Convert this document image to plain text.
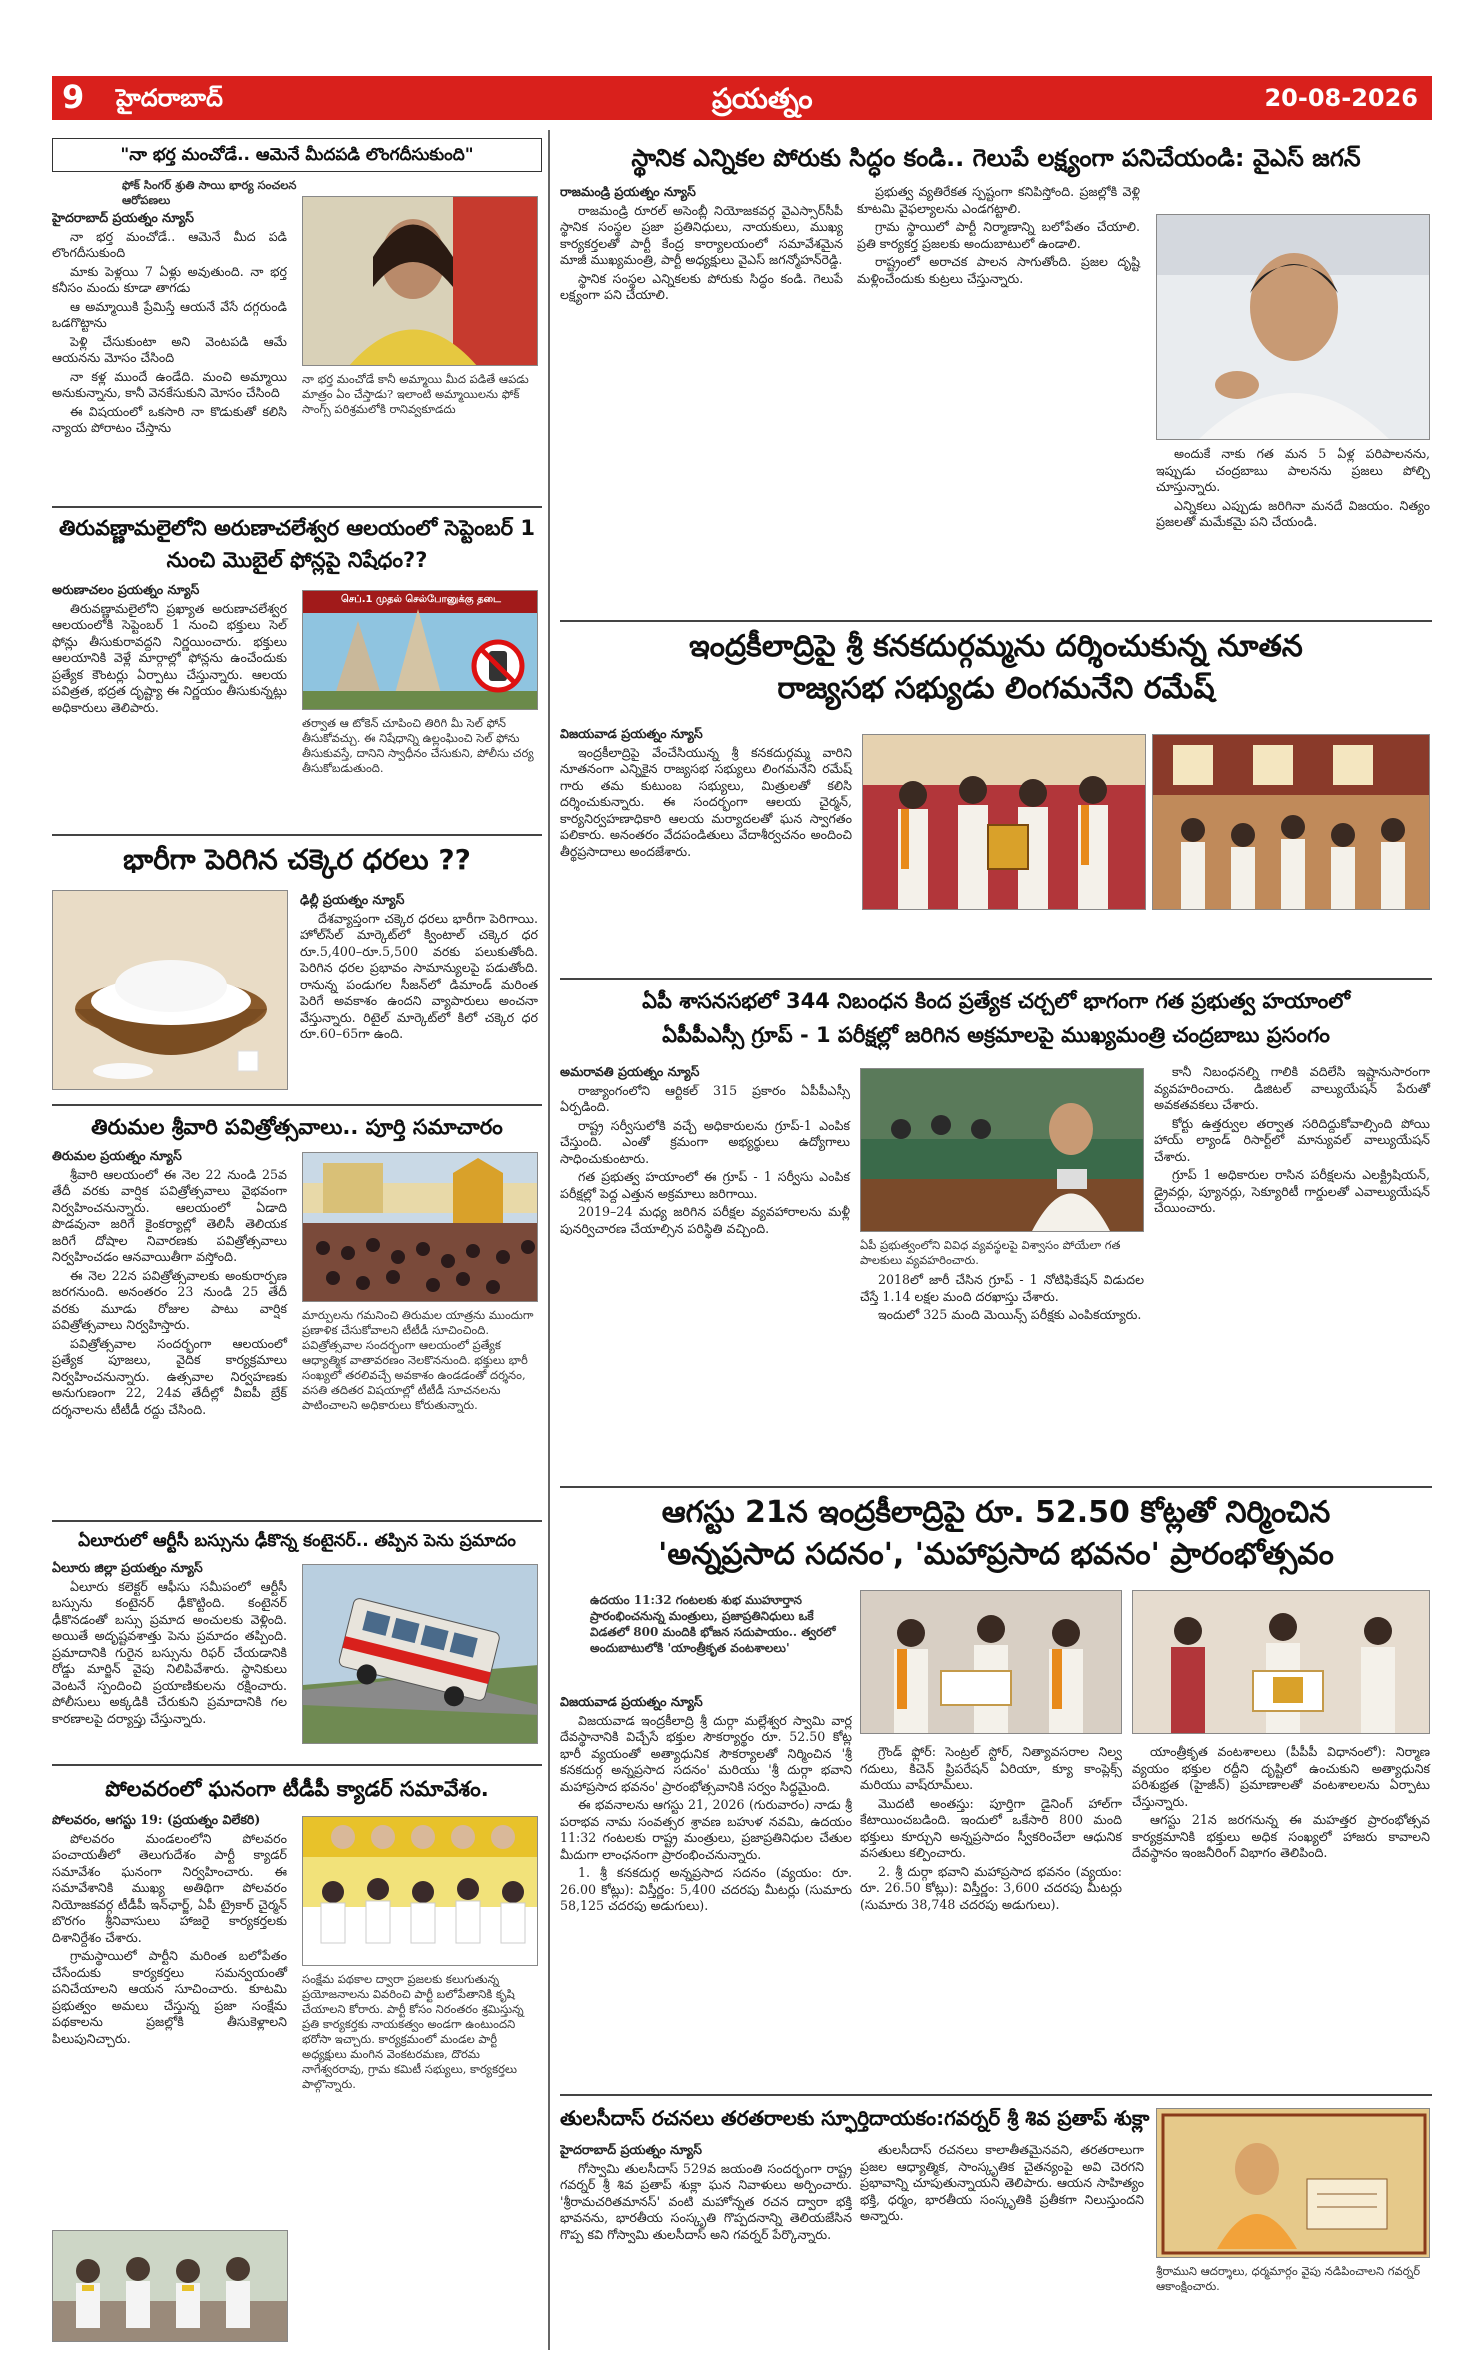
9 హైదరాబాద్	ప్రయత్నం	20-08-2026
"నా భర్త మంచోడే.. ఆమెనే మీదపడి లొంగదీసుకుంది"
ఫోక్ సింగర్ శ్రుతి సాయి భార్య సంచలన ఆరోపణలు

హైదరాబాద్ ప్రయత్నం న్యూస్

నా భర్త మంచోడే.. ఆమెనే మీద పడి లొంగదీసుకుంది

మాకు పెళ్లయి 7 ఏళ్లు అవుతుంది. నా భర్త కనీసం మందు కూడా తాగడు

ఆ అమ్మాయికి ప్రేమిస్తే ఆయనే వేసే దగ్గరుండి ఒడగొట్టాను

పెళ్లి చేసుకుంటా అని వెంటపడి ఆమే ఆయనను మోసం చేసింది

నా కళ్ల ముందే ఉండేది. మంచి అమ్మాయి అనుకున్నాను, కానీ వెనకేసుకుని మోసం చేసింది

ఈ విషయంలో ఒకసారి నా కొడుకుతో కలిసి న్యాయ పోరాటం చేస్తాను

నా భర్త మంచోడే కానీ అమ్మాయి మీద పడితే ఆపడు మాత్రం ఏం చేస్తాడు? ఇలాంటి అమ్మాయిలను ఫోక్ సాంగ్స్ పరిశ్రమలోకి రానివ్వకూడదు
తిరువణ్ణామలైలోని అరుణాచలేశ్వర ఆలయంలో సెప్టెంబర్ 1 నుంచి మొబైల్ ఫోన్లపై నిషేధం??

అరుణాచలం ప్రయత్నం న్యూస్

తిరువణ్ణామలైలోని ప్రఖ్యాత అరుణాచలేశ్వర ఆలయంలోకి సెప్టెంబర్ 1 నుంచి భక్తులు సెల్ ఫోన్లు తీసుకురావద్దని నిర్ణయించారు. భక్తులు ఆలయానికి వెళ్లే మార్గాల్లో ఫోన్లను ఉంచేందుకు ప్రత్యేక కౌంటర్లు ఏర్పాటు చేస్తున్నారు. ఆలయ పవిత్రత, భద్రత దృష్ట్యా ఈ నిర్ణయం తీసుకున్నట్లు అధికారులు తెలిపారు.

செப்.1 முதல் செல்போனுக்கு தடை
తర్వాత ఆ టోకెన్ చూపించి తిరిగి మీ సెల్ ఫోన్ తీసుకోవచ్చు. ఈ నిషేధాన్ని ఉల్లంఘించి సెల్ ఫోను తీసుకువస్తే, దానిని స్వాధీనం చేసుకుని, పోలీసు చర్య తీసుకోబడుతుంది.
భారీగా పెరిగిన చక్కెర ధరలు ??

ఢిల్లీ ప్రయత్నం న్యూస్

దేశవ్యాప్తంగా చక్కెర ధరలు భారీగా పెరిగాయి. హోల్‌సేల్ మార్కెట్‌లో క్వింటాల్ చక్కెర ధర రూ.5,400–రూ.5,500 వరకు పలుకుతోంది. పెరిగిన ధరల ప్రభావం సామాన్యులపై పడుతోంది. రానున్న పండుగల సీజన్‌లో డిమాండ్ మరింత పెరిగే అవకాశం ఉందని వ్యాపారులు అంచనా వేస్తున్నారు. రిటైల్ మార్కెట్‌లో కిలో చక్కెర ధర రూ.60–65గా ఉంది.

తిరుమల శ్రీవారి పవిత్రోత్సవాలు.. పూర్తి సమాచారం

తిరుమల ప్రయత్నం న్యూస్

శ్రీవారి ఆలయంలో ఈ నెల 22 నుండి 25వ తేదీ వరకు వార్షిక పవిత్రోత్సవాలు వైభవంగా నిర్వహించనున్నారు. ఆలయంలో ఏడాది పొడవునా జరిగే కైంకర్యాల్లో తెలిసీ తెలియక జరిగే దోషాల నివారణకు పవిత్రోత్సవాలు నిర్వహించడం ఆనవాయితీగా వస్తోంది.

ఈ నెల 22న పవిత్రోత్సవాలకు అంకురార్పణ జరగనుంది. అనంతరం 23 నుండి 25 తేదీ వరకు మూడు రోజుల పాటు వార్షిక పవిత్రోత్సవాలు నిర్వహిస్తారు.

పవిత్రోత్సవాల సందర్భంగా ఆలయంలో ప్రత్యేక పూజలు, వైదిక కార్యక్రమాలు నిర్వహించనున్నారు. ఉత్సవాల నిర్వహణకు అనుగుణంగా 22, 24వ తేదీల్లో వీఐపీ బ్రేక్ దర్శనాలను టీటీడీ రద్దు చేసింది.

మార్పులను గమనించి తిరుమల యాత్రను ముందుగా ప్రణాళిక చేసుకోవాలని టీటీడీ సూచించింది. పవిత్రోత్సవాల సందర్భంగా ఆలయంలో ప్రత్యేక ఆధ్యాత్మిక వాతావరణం నెలకొననుంది. భక్తులు భారీ సంఖ్యలో తరలివచ్చే అవకాశం ఉండడంతో దర్శనం, వసతి తదితర విషయాల్లో టీటీడీ సూచనలను పాటించాలని అధికారులు కోరుతున్నారు.
ఏలూరులో ఆర్టీసీ బస్సును ఢీకొన్న కంటైనర్.. తప్పిన పెను ప్రమాదం

ఏలూరు జిల్లా ప్రయత్నం న్యూస్

ఏలూరు కలెక్టర్ ఆఫీసు సమీపంలో ఆర్టీసీ బస్సును కంటైనర్ ఢీకొట్టింది. కంటైనర్ ఢీకొనడంతో బస్సు ప్రమాద అంచులకు వెళ్లింది. అయితే అదృష్టవశాత్తు పెను ప్రమాదం తప్పింది. ప్రమాదానికి గురైన బస్సును రిఫర్ చేయడానికి రోడ్డు మార్జిన్ వైపు నిలిపివేశారు. స్థానికులు వెంటనే స్పందించి ప్రయాణికులను రక్షించారు. పోలీసులు అక్కడికి చేరుకుని ప్రమాదానికి గల కారణాలపై దర్యాప్తు చేస్తున్నారు.

పోలవరంలో ఘనంగా టీడీపీ క్యాడర్ సమావేశం.

పోలవరం, ఆగస్టు 19: (ప్రయత్నం విలేకరి)

పోలవరం మండలంలోని పోలవరం పంచాయతీలో తెలుగుదేశం పార్టీ క్యాడర్ సమావేశం ఘనంగా నిర్వహించారు. ఈ సమావేశానికి ముఖ్య అతిథిగా పోలవరం నియోజకవర్గ టీడీపీ ఇన్‌ఛార్జ్, ఏపీ ట్రైకార్ చైర్మన్ బొరగం శ్రీనివాసులు హాజరై కార్యకర్తలకు దిశానిర్దేశం చేశారు.

గ్రామస్థాయిలో పార్టీని మరింత బలోపేతం చేసేందుకు కార్యకర్తలు సమన్వయంతో పనిచేయాలని ఆయన సూచించారు. కూటమి ప్రభుత్వం అమలు చేస్తున్న ప్రజా సంక్షేమ పథకాలను ప్రజల్లోకి తీసుకెళ్లాలని పిలుపునిచ్చారు.

సంక్షేమ పథకాల ద్వారా ప్రజలకు కలుగుతున్న ప్రయోజనాలను వివరించి పార్టీ బలోపేతానికి కృషి చేయాలని కోరారు. పార్టీ కోసం నిరంతరం శ్రమిస్తున్న ప్రతి కార్యకర్తకు నాయకత్వం అండగా ఉంటుందని భరోసా ఇచ్చారు. కార్యక్రమంలో మండల పార్టీ అధ్యక్షులు మంగిన వెంకటరమణ, దొరమ నాగేశ్వరరావు, గ్రామ కమిటీ సభ్యులు, కార్యకర్తలు పాల్గొన్నారు.
స్థానిక ఎన్నికల పోరుకు సిద్ధం కండి.. గెలుపే లక్ష్యంగా పనిచేయండి: వైఎస్ జగన్

రాజమండ్రి ప్రయత్నం న్యూస్

రాజమండ్రి రూరల్ అసెంబ్లీ నియోజకవర్గ వైఎస్సార్‌సీపీ స్థానిక సంస్థల ప్రజా ప్రతినిధులు, నాయకులు, ముఖ్య కార్యకర్తలతో పార్టీ కేంద్ర కార్యాలయంలో సమావేశమైన మాజీ ముఖ్యమంత్రి, పార్టీ అధ్యక్షులు వైఎస్ జగన్మోహన్‌రెడ్డి.

స్థానిక సంస్థల ఎన్నికలకు పోరుకు సిద్ధం కండి. గెలుపే లక్ష్యంగా పని చేయాలి.

ప్రభుత్వ వ్యతిరేకత స్పష్టంగా కనిపిస్తోంది. ప్రజల్లోకి వెళ్లి కూటమి వైఫల్యాలను ఎండగట్టాలి.

గ్రామ స్థాయిలో పార్టీ నిర్మాణాన్ని బలోపేతం చేయాలి. ప్రతి కార్యకర్త ప్రజలకు అందుబాటులో ఉండాలి.

రాష్ట్రంలో అరాచక పాలన సాగుతోంది. ప్రజల దృష్టి మళ్లించేందుకు కుట్రలు చేస్తున్నారు.

అందుకే నాకు గత మన 5 ఏళ్ల పరిపాలనను, ఇప్పుడు చంద్రబాబు పాలనను ప్రజలు పోల్చి చూస్తున్నారు.

ఎన్నికలు ఎప్పుడు జరిగినా మనదే విజయం. నిత్యం ప్రజలతో మమేకమై పని చేయండి.

ఇంద్రకీలాద్రిపై శ్రీ కనకదుర్గమ్మను దర్శించుకున్న నూతన
రాజ్యసభ సభ్యుడు లింగమనేని రమేష్

విజయవాడ ప్రయత్నం న్యూస్

ఇంద్రకీలాద్రిపై వేంచేసియున్న శ్రీ కనకదుర్గమ్మ వారిని నూతనంగా ఎన్నికైన రాజ్యసభ సభ్యులు లింగమనేని రమేష్ గారు తమ కుటుంబ సభ్యులు, మిత్రులతో కలిసి దర్శించుకున్నారు. ఈ సందర్భంగా ఆలయ చైర్మన్, కార్యనిర్వహణాధికారి ఆలయ మర్యాదలతో ఘన స్వాగతం పలికారు. అనంతరం వేదపండితులు వేదాశీర్వచనం అందించి తీర్థప్రసాదాలు అందజేశారు.

ఏపీ శాసనసభలో 344 నిబంధన కింద ప్రత్యేక చర్చలో భాగంగా గత ప్రభుత్వ హయాంలో
ఏపీపీఎస్సీ గ్రూప్ - 1 పరీక్షల్లో జరిగిన అక్రమాలపై ముఖ్యమంత్రి చంద్రబాబు ప్రసంగం

అమరావతి ప్రయత్నం న్యూస్

రాజ్యాంగంలోని ఆర్టికల్ 315 ప్రకారం ఏపీపీఎస్సీ ఏర్పడింది.

రాష్ట్ర సర్వీసులోకి వచ్చే అధికారులను గ్రూప్-1 ఎంపిక చేస్తుంది. ఎంతో క్రమంగా అభ్యర్థులు ఉద్యోగాలు సాధించుకుంటారు.

గత ప్రభుత్వ హయాంలో ఈ గ్రూప్ - 1 సర్వీసు ఎంపిక పరీక్షల్లో పెద్ద ఎత్తున అక్రమాలు జరిగాయి.

2019–24 మధ్య జరిగిన పరీక్షల వ్యవహారాలను మళ్లీ పునర్విచారణ చేయాల్సిన పరిస్థితి వచ్చింది.

ఏపీ ప్రభుత్వంలోని వివిధ వ్యవస్థలపై విశ్వాసం పోయేలా గత పాలకులు వ్యవహరించారు.

2018లో జారీ చేసిన గ్రూప్ - 1 నోటిఫికేషన్ విడుదల చేస్తే 1.14 లక్షల మంది దరఖాస్తు చేశారు.

ఇందులో 325 మంది మెయిన్స్ పరీక్షకు ఎంపికయ్యారు.

కానీ నిబంధనల్ని గాలికి వదిలేసి ఇష్టానుసారంగా వ్యవహరించారు. డిజిటల్ వాల్యుయేషన్ పేరుతో అవకతవకలు చేశారు.

కోర్టు ఉత్తర్వుల తర్వాత సరిదిద్దుకోవాల్సింది పోయి హాయ్ ల్యాండ్ రిసార్ట్‌లో మాన్యువల్ వాల్యుయేషన్ చేశారు.

గ్రూప్ 1 అధికారుల రాసిన పరీక్షలను ఎలక్ట్రిషియన్, డ్రైవర్లు, ప్యూనర్లు, సెక్యూరిటీ గార్డులతో ఎవాల్యుయేషన్ చేయించారు.

ఆగస్టు 21న ఇంద్రకీలాద్రిపై రూ. 52.50 కోట్లతో నిర్మించిన
'అన్నప్రసాద సదనం', 'మహాప్రసాద భవనం' ప్రారంభోత్సవం
ఉదయం 11:32 గంటలకు శుభ ముహూర్తాన ప్రారంభించనున్న మంత్రులు, ప్రజాప్రతినిధులు ఒకే విడతలో 800 మందికి భోజన సదుపాయం.. త్వరలో అందుబాటులోకి 'యాంత్రీకృత వంటశాలలు'

విజయవాడ ప్రయత్నం న్యూస్

విజయవాడ ఇంద్రకీలాద్రి శ్రీ దుర్గా మల్లేశ్వర స్వామి వార్ల దేవస్థానానికి విచ్చేసే భక్తుల సౌకర్యార్థం రూ. 52.50 కోట్ల భారీ వ్యయంతో అత్యాధునిక సౌకర్యాలతో నిర్మించిన 'శ్రీ కనకదుర్గ అన్నప్రసాద సదనం' మరియు 'శ్రీ దుర్గా భవాని మహాప్రసాద భవనం' ప్రారంభోత్సవానికి సర్వం సిద్ధమైంది.

ఈ భవనాలను ఆగస్టు 21, 2026 (గురువారం) నాడు శ్రీ పరాభవ నామ సంవత్సర శ్రావణ బహుళ నవమి, ఉదయం 11:32 గంటలకు రాష్ట్ర మంత్రులు, ప్రజాప్రతినిధుల చేతుల మీదుగా లాంఛనంగా ప్రారంభించనున్నారు.

1. శ్రీ కనకదుర్గ అన్నప్రసాద సదనం (వ్యయం: రూ. 26.00 కోట్లు): విస్తీర్ణం: 5,400 చదరపు మీటర్లు (సుమారు 58,125 చదరపు అడుగులు).

గ్రౌండ్ ఫ్లోర్: సెంట్రల్ స్టోర్, నిత్యావసరాల నిల్వ గదులు, కిచెన్ ప్రిపరేషన్ ఏరియా, క్యూ కాంప్లెక్స్ మరియు వాష్‌రూమ్‌లు.

మొదటి అంతస్తు: పూర్తిగా డైనింగ్ హాల్‌గా కేటాయించబడింది. ఇందులో ఒకేసారి 800 మంది భక్తులు కూర్చుని అన్నప్రసాదం స్వీకరించేలా ఆధునిక వసతులు కల్పించారు.

2. శ్రీ దుర్గా భవాని మహాప్రసాద భవనం (వ్యయం: రూ. 26.50 కోట్లు): విస్తీర్ణం: 3,600 చదరపు మీటర్లు (సుమారు 38,748 చదరపు అడుగులు).

యాంత్రీకృత వంటశాలలు (పీపీపీ విధానంలో): నిర్మాణ వ్యయం భక్తుల రద్దీని దృష్టిలో ఉంచుకుని అత్యాధునిక పరిశుభ్రత (హైజీన్) ప్రమాణాలతో వంటశాలలను ఏర్పాటు చేస్తున్నారు.

ఆగస్టు 21న జరగనున్న ఈ మహత్తర ప్రారంభోత్సవ కార్యక్రమానికి భక్తులు అధిక సంఖ్యలో హాజరు కావాలని దేవస్థానం ఇంజనీరింగ్ విభాగం తెలిపింది.

తులసీదాస్ రచనలు తరతరాలకు స్ఫూర్తిదాయకం:గవర్నర్ శ్రీ శివ ప్రతాప్ శుక్లా

హైదరాబాద్ ప్రయత్నం న్యూస్

గోస్వామి తులసీదాస్ 529వ జయంతి సందర్భంగా రాష్ట్ర గవర్నర్ శ్రీ శివ ప్రతాప్ శుక్లా ఘన నివాళులు అర్పించారు. 'శ్రీరామచరితమానస్' వంటి మహోన్నత రచన ద్వారా భక్తి భావనను, భారతీయ సంస్కృతి గొప్పదనాన్ని తెలియజేసిన గొప్ప కవి గోస్వామి తులసీదాస్ అని గవర్నర్ పేర్కొన్నారు.

తులసీదాస్ రచనలు కాలాతీతమైనవని, తరతరాలుగా ప్రజల ఆధ్యాత్మిక, సాంస్కృతిక చైతన్యంపై అవి చెరగని ప్రభావాన్ని చూపుతున్నాయని తెలిపారు. ఆయన సాహిత్యం భక్తి, ధర్మం, భారతీయ సంస్కృతికి ప్రతీకగా నిలుస్తుందని అన్నారు.

శ్రీరాముని ఆదర్శాలు, ధర్మమార్గం వైపు నడిపించాలని గవర్నర్ ఆకాంక్షించారు.
